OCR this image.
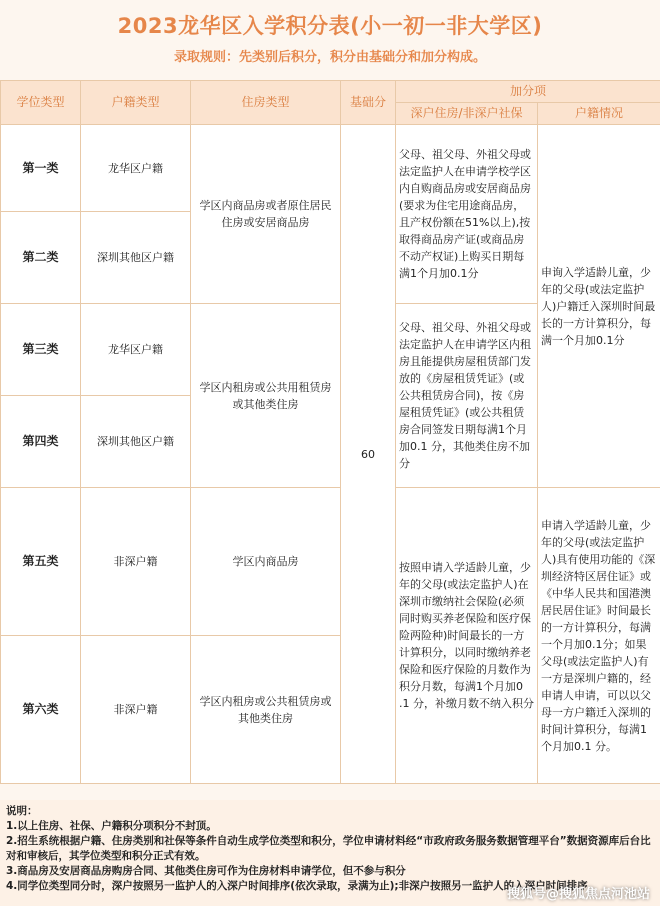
2023龙华区入学积分表(小一初一非大学区)
录取规则：先类别后积分，积分由基础分和加分构成。
学位类型	户籍类型	住房类型	基础分	加分项	
				深户住房/非深户社保	户籍情况
第一类	龙华区户籍	学区内商品房或者原住居民住房或安居商品房	60	父母、祖父母、外祖父母或法定监护人在申请学校学区内自购商品房或安居商品房(要求为住宅用途商品房，且产权份额在51%以上),按取得商品房产证(或商品房不动产权证)上购买日期每满1个月加0.1分	申询入学适龄儿童，少年的父母(或法定监护人)户籍迁入深圳时间最长的一方计算积分，每满一个月加0.1分
第二类	深圳其他区户籍				
第三类	龙华区户籍	学区内租房或公共用租赁房或其他类住房		父母、祖父母、外祖父母或法定监护人在申请学区内租房且能提供房屋租赁部门发放的《房屋租赁凭证》(或公共租赁房合同)，按《房屋租赁凭证》(或公共租赁房合同签发日期每满1个月加0.1 分，其他类住房不加分	
第四类	深圳其他区户籍				
第五类	非深户籍	学区内商品房		按照申请入学适龄儿童，少年的父母(或法定监护人)在深圳市缴纳社会保险(必须同时购买养老保险和医疗保险两险种)时间最长的一方计算积分，以同时缴纳养老保险和医疗保险的月数作为积分月数，每满1个月加0 .1 分，补缴月数不纳入积分	申请入学适龄儿童，少年的父母(或法定监护人)具有使用功能的《深圳经济特区居住证》或《中华人民共和国港澳居民居住证》时间最长的一方计算积分，每满一个月加0.1分；如果父母(或法定监护人)有一方是深圳户籍的，经申请人申请，可以以父母一方户籍迁入深圳的时间计算积分，每满1个月加0.1 分。
第六类	非深户籍	学区内租房或公共租赁房或其他类住房			
说明：
1.以上住房、社保、户籍积分项积分不封顶。
2.招生系统根据户籍、住房类别和社保等条件自动生成学位类型和积分，学位申请材料经“市政府政务服务数据管理平台”数据资源库后台比对和审核后，其学位类型和积分正式有效。
3.商品房及安居商品房购房合同、其他类住房可作为住房材料申请学位，但不参与积分
4.同学位类型同分时，深户按照另一监护人的入深户时间排序(依次录取，录满为止);非深户按照另一监护人的入深户时间排序
搜狐号@搜狐焦点河池站
